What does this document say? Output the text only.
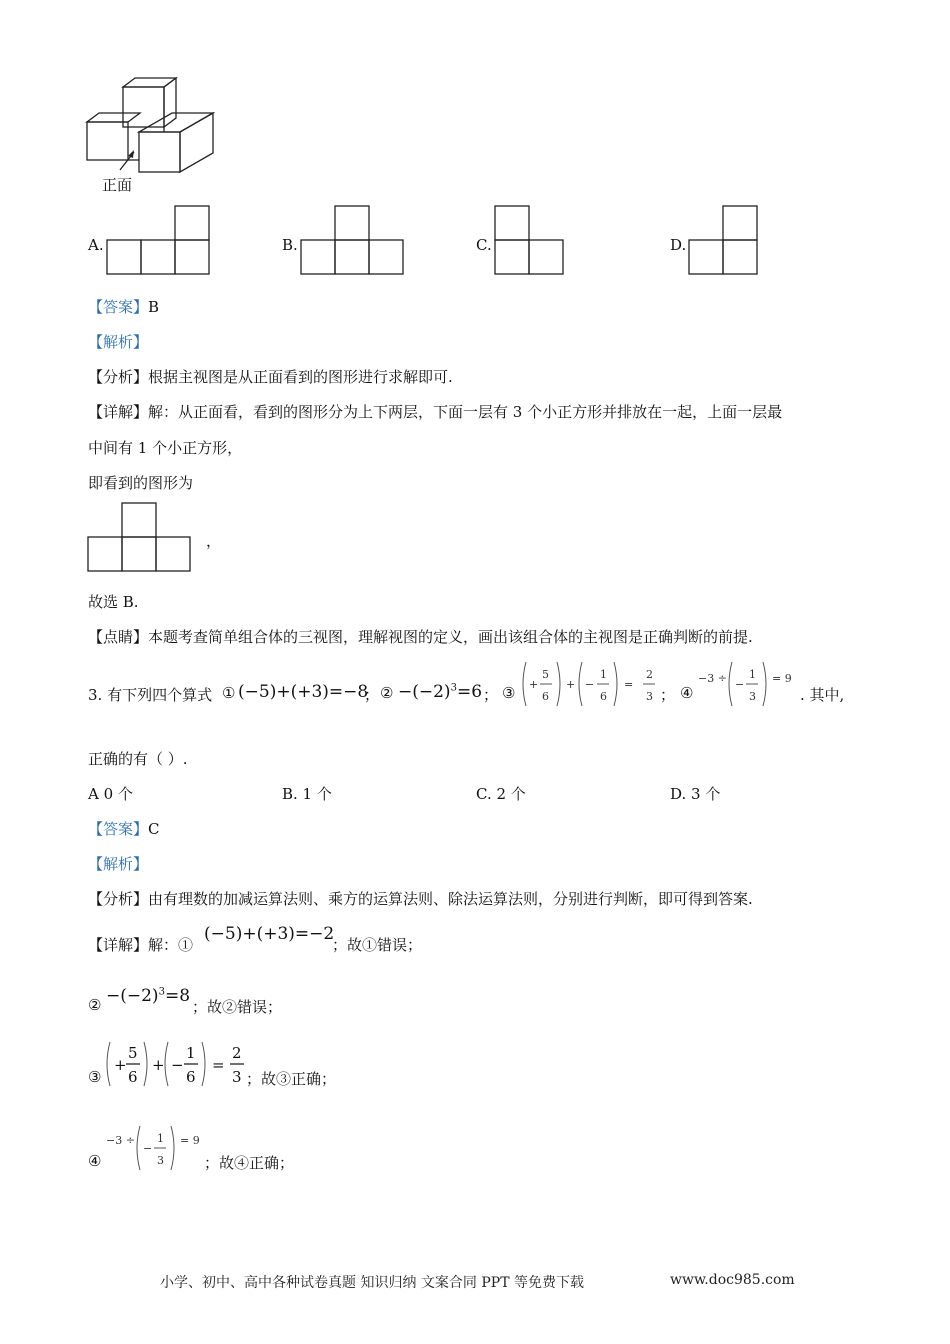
正面
A.	B.	C.	D.
【答案】B
【解析】
【分析】根据主视图是从正面看到的图形进行求解即可.
【详解】解：从正面看，看到的图形分为上下两层，下面一层有 3 个小正方形并排放在一起，上面一层最
中间有 1 个小正方形，
即看到的图形为
，
故选 B.
【点睛】本题考查简单组合体的三视图，理解视图的定义，画出该组合体的主视图是正确判断的前提.
3. 有下列四个算式 ① (−5)+(+3)=−8
； ② $-(-2)^3=6$ ； ③ +
5
6
+ −
1
6
=
2
3 ； ④
−3 ÷ −
1
3
= 9
. 其中,
正确的有（ ）.
A 0 个	B. 1 个	C. 2 个	D. 3 个
【答案】C
【解析】
【分析】由有理数的加减运算法则、乘方的运算法则、除法运算法则，分别进行判断，即可得到答案.
【详解】解：①
(−5)+(+3)=−2
；故①错误；
② $-(-2)^3=8$
；故②错误；
③
+
5
6
+ −
1
6
=
2
3 ；故③正确；
④
−3 ÷
−
1
3
= 9
；故④正确；
小学、初中、高中各种试卷真题 知识归纳 文案合同 PPT 等免费下载	www.doc985.com
